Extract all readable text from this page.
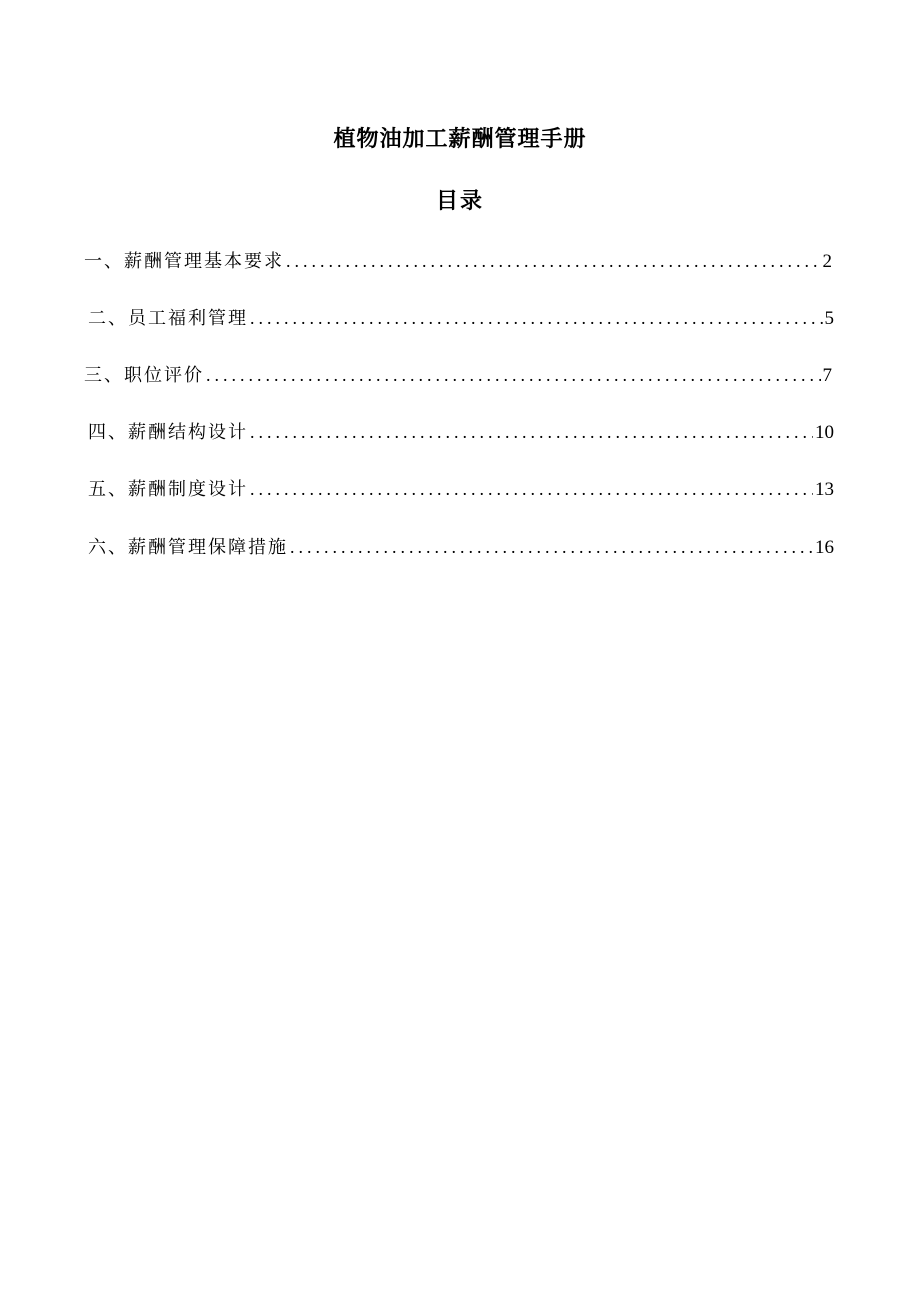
植物油加工薪酬管理手册
目录
一、薪酬管理基本要求 .....	2
二、员工福利管理 .....	5
三、职位评价 .....	7
四、薪酬结构设计 .....	10
五、薪酬制度设计 .....	13
六、薪酬管理保障措施 .....	16
